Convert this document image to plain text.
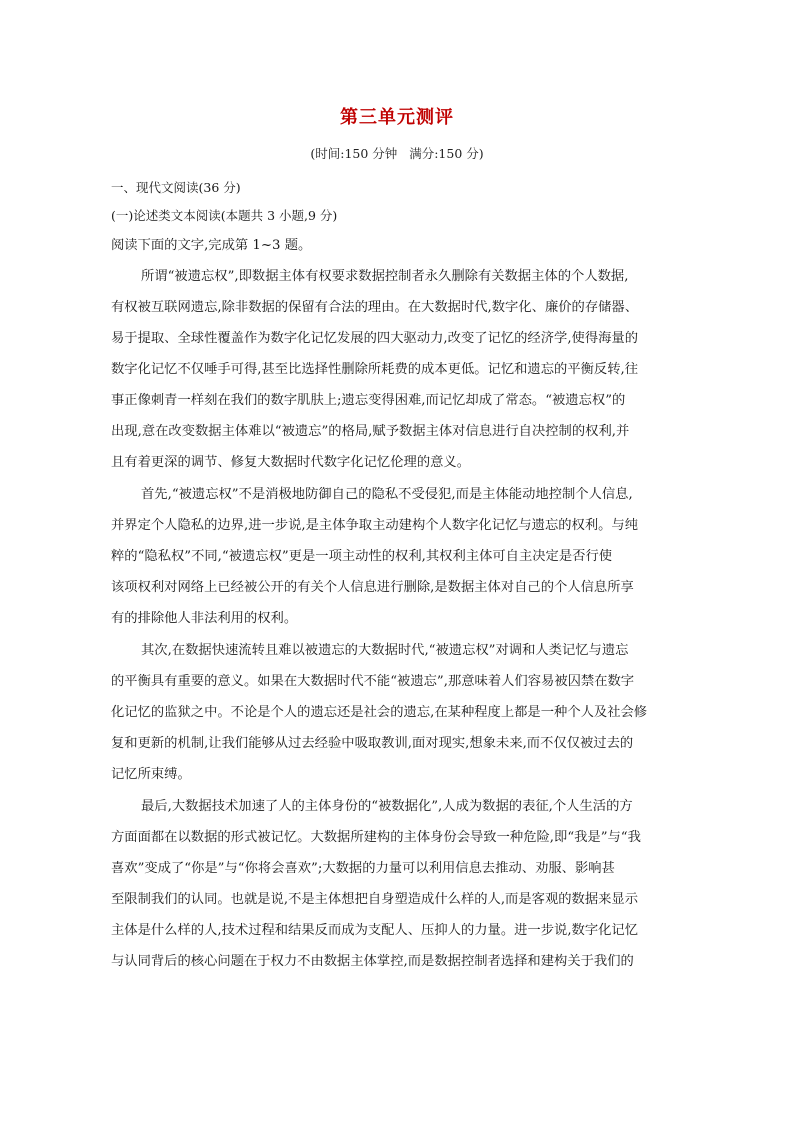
第三单元测评
(时间:150 分钟   满分:150 分)
一、现代文阅读(36 分)
(一)论述类文本阅读(本题共 3 小题,9 分)
阅读下面的文字,完成第 1~3 题。
所谓“被遗忘权”,即数据主体有权要求数据控制者永久删除有关数据主体的个人数据,
有权被互联网遗忘,除非数据的保留有合法的理由。在大数据时代,数字化、廉价的存储器、
易于提取、全球性覆盖作为数字化记忆发展的四大驱动力,改变了记忆的经济学,使得海量的
数字化记忆不仅唾手可得,甚至比选择性删除所耗费的成本更低。记忆和遗忘的平衡反转,往
事正像刺青一样刻在我们的数字肌肤上;遗忘变得困难,而记忆却成了常态。“被遗忘权”的
出现,意在改变数据主体难以“被遗忘”的格局,赋予数据主体对信息进行自决控制的权利,并
且有着更深的调节、修复大数据时代数字化记忆伦理的意义。
首先,“被遗忘权”不是消极地防御自己的隐私不受侵犯,而是主体能动地控制个人信息,
并界定个人隐私的边界,进一步说,是主体争取主动建构个人数字化记忆与遗忘的权利。与纯
粹的“隐私权”不同,“被遗忘权”更是一项主动性的权利,其权利主体可自主决定是否行使
该项权利对网络上已经被公开的有关个人信息进行删除,是数据主体对自己的个人信息所享
有的排除他人非法利用的权利。
其次,在数据快速流转且难以被遗忘的大数据时代,“被遗忘权”对调和人类记忆与遗忘
的平衡具有重要的意义。如果在大数据时代不能“被遗忘”,那意味着人们容易被囚禁在数字
化记忆的监狱之中。不论是个人的遗忘还是社会的遗忘,在某种程度上都是一种个人及社会修
复和更新的机制,让我们能够从过去经验中吸取教训,面对现实,想象未来,而不仅仅被过去的
记忆所束缚。
最后,大数据技术加速了人的主体身份的“被数据化”,人成为数据的表征,个人生活的方
方面面都在以数据的形式被记忆。大数据所建构的主体身份会导致一种危险,即“我是”与“我
喜欢”变成了“你是”与“你将会喜欢”;大数据的力量可以利用信息去推动、劝服、影响甚
至限制我们的认同。也就是说,不是主体想把自身塑造成什么样的人,而是客观的数据来显示
主体是什么样的人,技术过程和结果反而成为支配人、压抑人的力量。进一步说,数字化记忆
与认同背后的核心问题在于权力不由数据主体掌控,而是数据控制者选择和建构关于我们的
